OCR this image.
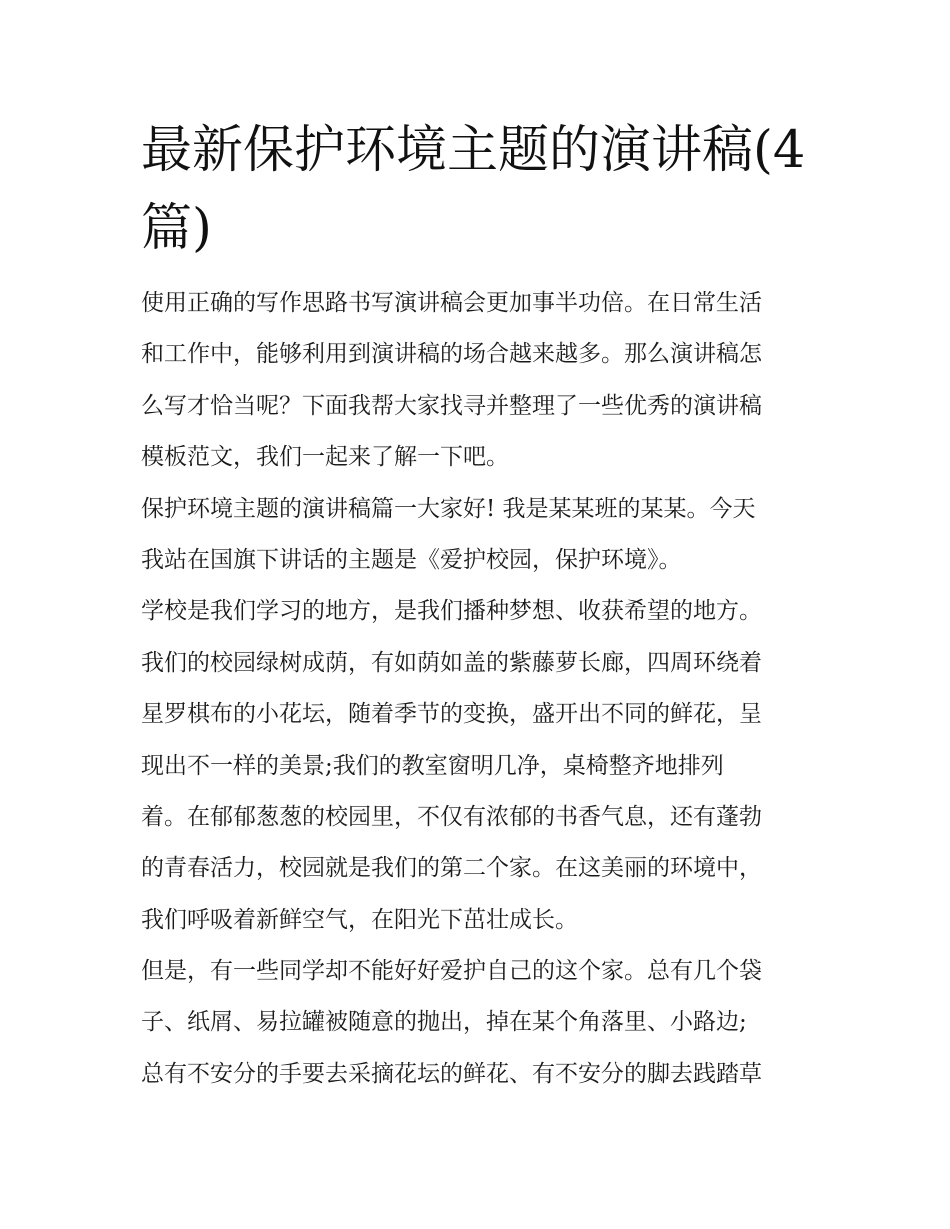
最新保护环境主题的演讲稿(4
篇)
使用正确的写作思路书写演讲稿会更加事半功倍。在日常生活
和工作中，能够利用到演讲稿的场合越来越多。那么演讲稿怎
么写才恰当呢？下面我帮大家找寻并整理了一些优秀的演讲稿
模板范文，我们一起来了解一下吧。
保护环境主题的演讲稿篇一大家好! 我是某某班的某某。今天
我站在国旗下讲话的主题是《爱护校园，保护环境》。
学校是我们学习的地方，是我们播种梦想、收获希望的地方。
我们的校园绿树成荫，有如荫如盖的紫藤萝长廊，四周环绕着
星罗棋布的小花坛，随着季节的变换，盛开出不同的鲜花，呈
现出不一样的美景;我们的教室窗明几净，桌椅整齐地排列
着。在郁郁葱葱的校园里，不仅有浓郁的书香气息，还有蓬勃
的青春活力，校园就是我们的第二个家。在这美丽的环境中，
我们呼吸着新鲜空气，在阳光下茁壮成长。
但是，有一些同学却不能好好爱护自己的这个家。总有几个袋
子、纸屑、易拉罐被随意的抛出，掉在某个角落里、小路边;
总有不安分的手要去采摘花坛的鲜花、有不安分的脚去践踏草
